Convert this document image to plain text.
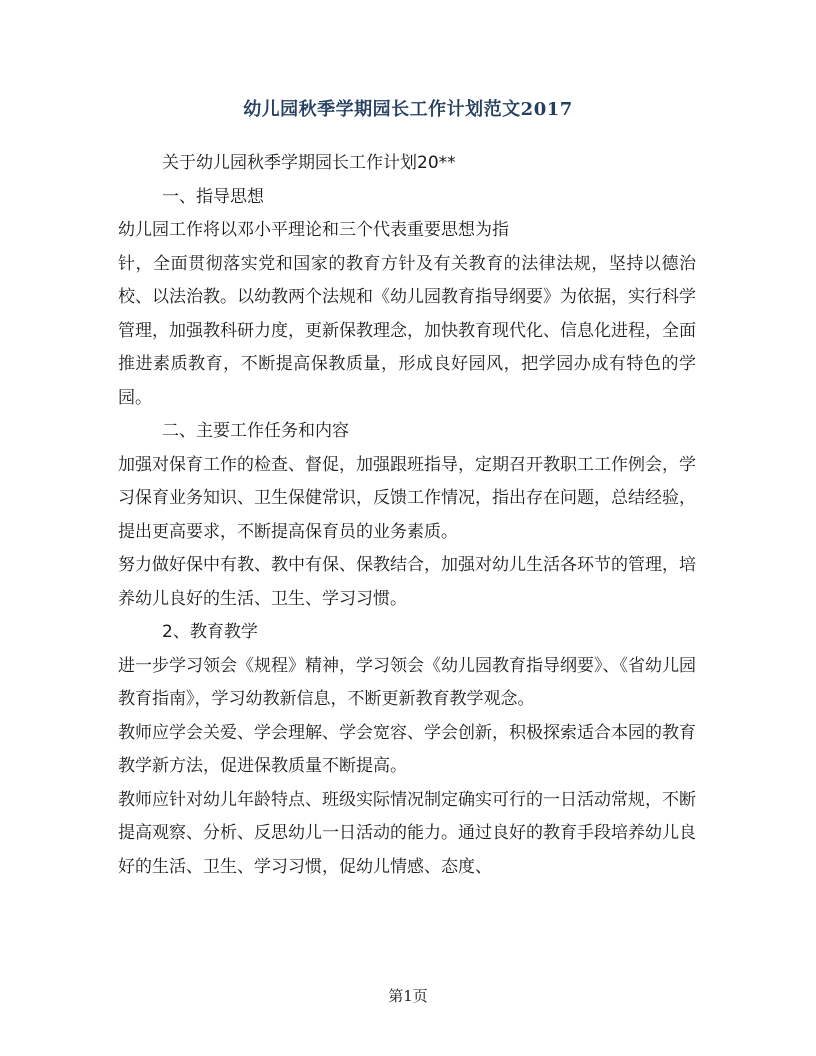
幼儿园秋季学期园长工作计划范文2017

关于幼儿园秋季学期园长工作计划20**

一、指导思想

幼儿园工作将以邓小平理论和三个代表重要思想为指

针，全面贯彻落实党和国家的教育方针及有关教育的法律法规，坚持以德治校、以法治教。以幼教两个法规和《幼儿园教育指导纲要》为依据，实行科学管理，加强教科研力度，更新保教理念，加快教育现代化、信息化进程，全面推进素质教育，不断提高保教质量，形成良好园风，把学园办成有特色的学园。

二、主要工作任务和内容

加强对保育工作的检查、督促，加强跟班指导，定期召开教职工工作例会，学习保育业务知识、卫生保健常识，反馈工作情况，指出存在问题，总结经验，提出更高要求，不断提高保育员的业务素质。

努力做好保中有教、教中有保、保教结合，加强对幼儿生活各环节的管理，培养幼儿良好的生活、卫生、学习习惯。

2、教育教学

进一步学习领会《规程》精神，学习领会《幼儿园教育指导纲要》、《省幼儿园教育指南》，学习幼教新信息，不断更新教育教学观念。

教师应学会关爱、学会理解、学会宽容、学会创新，积极探索适合本园的教育教学新方法，促进保教质量不断提高。

教师应针对幼儿年龄特点、班级实际情况制定确实可行的一日活动常规，不断提高观察、分析、反思幼儿一日活动的能力。通过良好的教育手段培养幼儿良好的生活、卫生、学习习惯，促幼儿情感、态度、

第1页
